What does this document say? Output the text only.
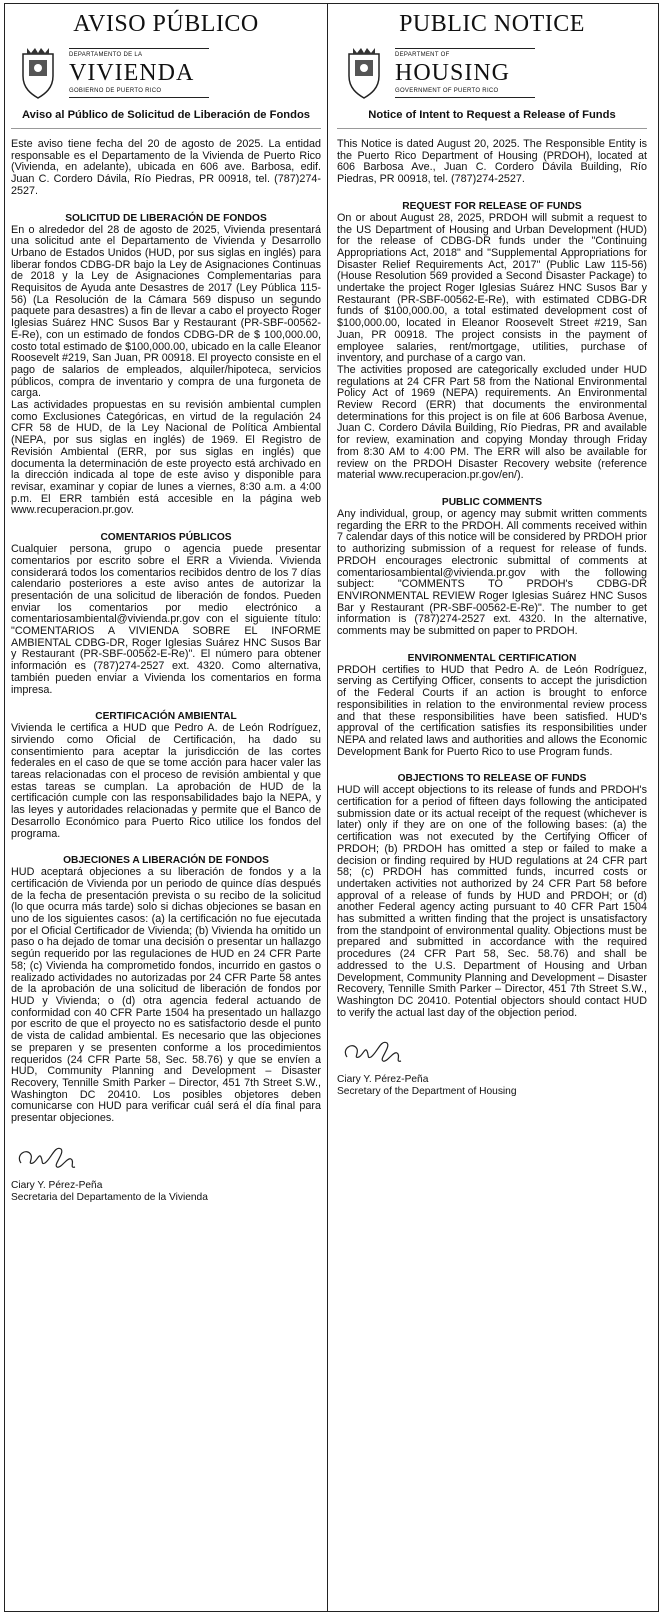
AVISO PÚBLICO
DEPARTAMENTO DE LA
VIVIENDA
GOBIERNO DE PUERTO RICO
Aviso al Público de Solicitud de Liberación de Fondos

Este aviso tiene fecha del 20 de agosto de 2025. La entidad responsable es el Departamento de la Vivienda de Puerto Rico (Vivienda, en adelante), ubicada en 606 ave. Barbosa, edif. Juan C. Cordero Dávila, Río Piedras, PR 00918, tel. (787)274-2527.

SOLICITUD DE LIBERACIÓN DE FONDOS

En o alrededor del 28 de agosto de 2025, Vivienda presentará una solicitud ante el Departamento de Vivienda y Desarrollo Urbano de Estados Unidos (HUD, por sus siglas en inglés) para liberar fondos CDBG-DR bajo la Ley de Asignaciones Continuas de 2018 y la Ley de Asignaciones Complementarias para Requisitos de Ayuda ante Desastres de 2017 (Ley Pública 115-56) (La Resolución de la Cámara 569 dispuso un segundo paquete para desastres) a fin de llevar a cabo el proyecto Roger Iglesias Suárez HNC Susos Bar y Restaurant (PR-SBF-00562-E-Re), con un estimado de fondos CDBG-DR de $ 100,000.00, costo total estimado de $100,000.00, ubicado en la calle Eleanor Roosevelt #219, San Juan, PR 00918. El proyecto consiste en el pago de salarios de empleados, alquiler/hipoteca, servicios públicos, compra de inventario y compra de una furgoneta de carga.

Las actividades propuestas en su revisión ambiental cumplen como Exclusiones Categóricas, en virtud de la regulación 24 CFR 58 de HUD, de la Ley Nacional de Política Ambiental (NEPA, por sus siglas en inglés) de 1969. El Registro de Revisión Ambiental (ERR, por sus siglas en inglés) que documenta la determinación de este proyecto está archivado en la dirección indicada al tope de este aviso y disponible para revisar, examinar y copiar de lunes a viernes, 8:30 a.m. a 4:00 p.m. El ERR también está accesible en la página web www.recuperacion.pr.gov.

COMENTARIOS PÚBLICOS

Cualquier persona, grupo o agencia puede presentar comentarios por escrito sobre el ERR a Vivienda. Vivienda considerará todos los comentarios recibidos dentro de los 7 días calendario posteriores a este aviso antes de autorizar la presentación de una solicitud de liberación de fondos. Pueden enviar los comentarios por medio electrónico a comentariosambiental@vivienda.pr.gov con el siguiente título: "COMENTARIOS A VIVIENDA SOBRE EL INFORME AMBIENTAL CDBG-DR, Roger Iglesias Suárez HNC Susos Bar y Restaurant (PR-SBF-00562-E-Re)". El número para obtener información es (787)274-2527 ext. 4320. Como alternativa, también pueden enviar a Vivienda los comentarios en forma impresa.

CERTIFICACIÓN AMBIENTAL

Vivienda le certifica a HUD que Pedro A. de León Rodríguez, sirviendo como Oficial de Certificación, ha dado su consentimiento para aceptar la jurisdicción de las cortes federales en el caso de que se tome acción para hacer valer las tareas relacionadas con el proceso de revisión ambiental y que estas tareas se cumplan. La aprobación de HUD de la certificación cumple con las responsabilidades bajo la NEPA, y las leyes y autoridades relacionadas y permite que el Banco de Desarrollo Económico para Puerto Rico utilice los fondos del programa.

OBJECIONES A LIBERACIÓN DE FONDOS

HUD aceptará objeciones a su liberación de fondos y a la certificación de Vivienda por un periodo de quince días después de la fecha de presentación prevista o su recibo de la solicitud (lo que ocurra más tarde) solo si dichas objeciones se basan en uno de los siguientes casos: (a) la certificación no fue ejecutada por el Oficial Certificador de Vivienda; (b) Vivienda ha omitido un paso o ha dejado de tomar una decisión o presentar un hallazgo según requerido por las regulaciones de HUD en 24 CFR Parte 58; (c) Vivienda ha comprometido fondos, incurrido en gastos o realizado actividades no autorizadas por 24 CFR Parte 58 antes de la aprobación de una solicitud de liberación de fondos por HUD y Vivienda; o (d) otra agencia federal actuando de conformidad con 40 CFR Parte 1504 ha presentado un hallazgo por escrito de que el proyecto no es satisfactorio desde el punto de vista de calidad ambiental. Es necesario que las objeciones se preparen y se presenten conforme a los procedimientos requeridos (24 CFR Parte 58, Sec. 58.76) y que se envíen a HUD, Community Planning and Development – Disaster Recovery, Tennille Smith Parker – Director, 451 7th Street S.W., Washington DC 20410. Los posibles objetores deben comunicarse con HUD para verificar cuál será el día final para presentar objeciones.

Ciary Y. Pérez-Peña
Secretaria del Departamento de la Vivienda
PUBLIC NOTICE
DEPARTMENT OF
HOUSING
GOVERNMENT OF PUERTO RICO
Notice of Intent to Request a Release of Funds

This Notice is dated August 20, 2025. The Responsible Entity is the Puerto Rico Department of Housing (PRDOH), located at 606 Barbosa Ave., Juan C. Cordero Dávila Building, Río Piedras, PR 00918, tel. (787)274-2527.

REQUEST FOR RELEASE OF FUNDS

On or about August 28, 2025, PRDOH will submit a request to the US Department of Housing and Urban Development (HUD) for the release of CDBG-DR funds under the "Continuing Appropriations Act, 2018" and "Supplemental Appropriations for Disaster Relief Requirements Act, 2017" (Public Law 115-56) (House Resolution 569 provided a Second Disaster Package) to undertake the project Roger Iglesias Suárez HNC Susos Bar y Restaurant (PR-SBF-00562-E-Re), with estimated CDBG-DR funds of $100,000.00, a total estimated development cost of $100,000.00, located in Eleanor Roosevelt Street #219, San Juan, PR 00918. The project consists in the payment of employee salaries, rent/mortgage, utilities, purchase of inventory, and purchase of a cargo van.

The activities proposed are categorically excluded under HUD regulations at 24 CFR Part 58 from the National Environmental Policy Act of 1969 (NEPA) requirements. An Environmental Review Record (ERR) that documents the environmental determinations for this project is on file at 606 Barbosa Avenue, Juan C. Cordero Dávila Building, Río Piedras, PR and available for review, examination and copying Monday through Friday from 8:30 AM to 4:00 PM. The ERR will also be available for review on the PRDOH Disaster Recovery website (reference material www.recuperacion.pr.gov/en/).

PUBLIC COMMENTS

Any individual, group, or agency may submit written comments regarding the ERR to the PRDOH. All comments received within 7 calendar days of this notice will be considered by PRDOH prior to authorizing submission of a request for release of funds. PRDOH encourages electronic submittal of comments at comentariosambiental@vivienda.pr.gov with the following subject: "COMMENTS TO PRDOH's CDBG-DR ENVIRONMENTAL REVIEW Roger Iglesias Suárez HNC Susos Bar y Restaurant (PR-SBF-00562-E-Re)". The number to get information is (787)274-2527 ext. 4320. In the alternative, comments may be submitted on paper to PRDOH.

ENVIRONMENTAL CERTIFICATION

PRDOH certifies to HUD that Pedro A. de León Rodríguez, serving as Certifying Officer, consents to accept the jurisdiction of the Federal Courts if an action is brought to enforce responsibilities in relation to the environmental review process and that these responsibilities have been satisfied. HUD's approval of the certification satisfies its responsibilities under NEPA and related laws and authorities and allows the Economic Development Bank for Puerto Rico to use Program funds.

OBJECTIONS TO RELEASE OF FUNDS

HUD will accept objections to its release of funds and PRDOH's certification for a period of fifteen days following the anticipated submission date or its actual receipt of the request (whichever is later) only if they are on one of the following bases: (a) the certification was not executed by the Certifying Officer of PRDOH; (b) PRDOH has omitted a step or failed to make a decision or finding required by HUD regulations at 24 CFR part 58; (c) PRDOH has committed funds, incurred costs or undertaken activities not authorized by 24 CFR Part 58 before approval of a release of funds by HUD and PRDOH; or (d) another Federal agency acting pursuant to 40 CFR Part 1504 has submitted a written finding that the project is unsatisfactory from the standpoint of environmental quality. Objections must be prepared and submitted in accordance with the required procedures (24 CFR Part 58, Sec. 58.76) and shall be addressed to the U.S. Department of Housing and Urban Development, Community Planning and Development – Disaster Recovery, Tennille Smith Parker – Director, 451 7th Street S.W., Washington DC 20410. Potential objectors should contact HUD to verify the actual last day of the objection period.

Ciary Y. Pérez-Peña
Secretary of the Department of Housing
